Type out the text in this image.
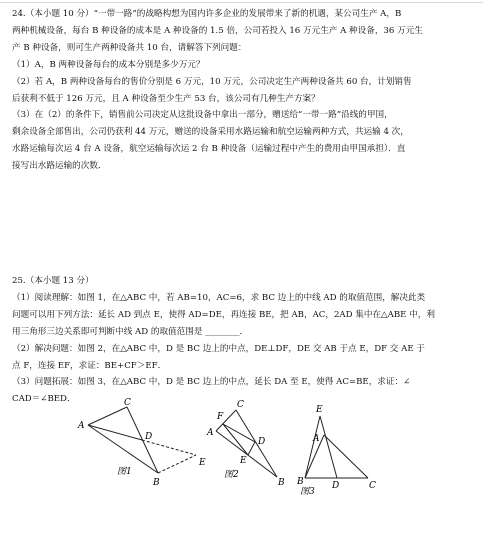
24.（本小题 10 分）“一带一路”的战略构想为国内许多企业的发展带来了新的机遇，某公司生产 A，B
两种机械设备，每台 B 种设备的成本是 A 种设备的 1.5 倍，公司若投入 16 万元生产 A 种设备，36 万元生
产 B 种设备，则可生产两种设备共 10 台，请解答下列问题：
（1）A，B 两种设备每台的成本分别是多少万元？
（2）若 A，B 两种设备每台的售价分别是 6 万元，10 万元，公司决定生产两种设备共 60 台，计划销售
后获利不低于 126 万元，且 A 种设备至少生产 53 台，该公司有几种生产方案？
（3）在（2）的条件下，销售前公司决定从这批设备中拿出一部分，赠送给“一带一路”沿线的甲国，
剩余设备全部售出，公司仍获利 44 万元，赠送的设备采用水路运输和航空运输两种方式，共运输 4 次，
水路运输每次运 4 台 A 设备，航空运输每次运 2 台 B 种设备（运输过程中产生的费用由甲国承担）．直
接写出水路运输的次数．
25.（本小题 13 分）
（1）阅读理解：如图 1，在△ABC 中，若 AB=10，AC=6，求 BC 边上的中线 AD 的取值范围，解决此类
问题可以用下列方法：延长 AD 到点 E，使得 AD=DE，再连接 BE，把 AB，AC，2AD 集中在△ABE 中，利
用三角形三边关系即可判断中线 AD 的取值范围是 ________．
（2）解决问题：如图 2，在△ABC 中，D 是 BC 边上的中点，DE⊥DF，DE 交 AB 于点 E，DF 交 AE 于
点 F，连接 EF，求证：BE+CF＞EF．
（3）问题拓展：如图 3，在△ABC 中，D 是 BC 边上的中点，延长 DA 至 E，使得 AC=BE，求证：∠
CAD＝∠BED．
A
C
D
E
B
图1
A
C
F
D
E
B
图2
E
A
B	D	C
图3
